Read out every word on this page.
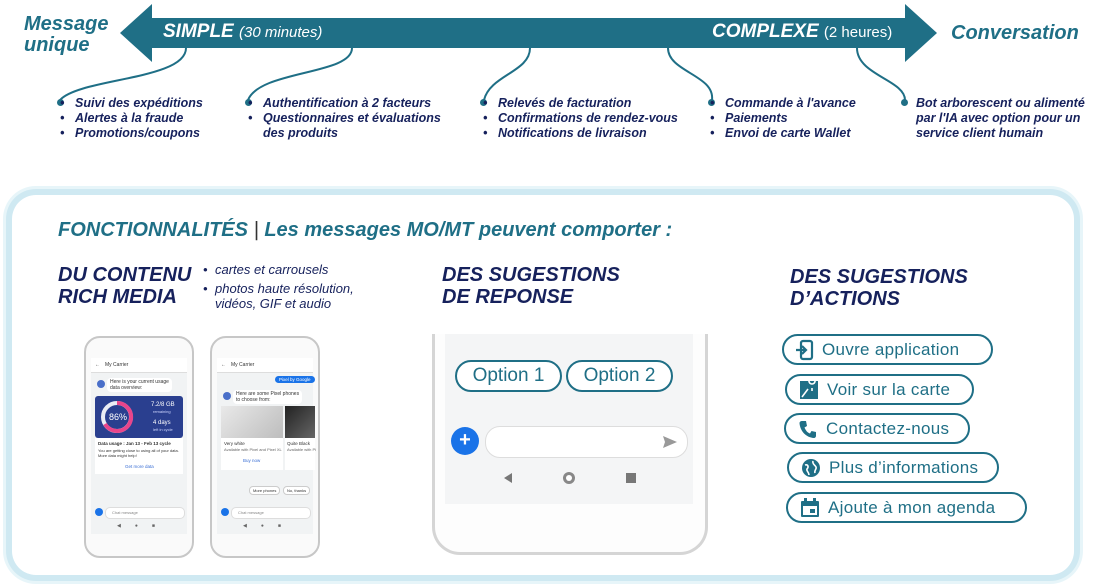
SIMPLE (30 minutes)	COMPLEXE (2 heures)
Message
unique
Conversation
• Suivi des expéditions
• Alertes à la fraude
• Promotions/coupons
• Authentification à 2 facteurs
• Questionnaires et évaluations
des produits
• Relevés de facturation
• Confirmations de rendez-vous
• Notifications de livraison
• Commande à l'avance
• Paiements
• Envoi de carte Wallet
Bot arborescent ou alimenté
par l'IA avec option pour un
service client humain
FONCTIONNALITÉS | Les messages MO/MT peuvent comporter :
DU CONTENU
RICH MEDIA
• cartes et carrousels
• photos haute résolution,
vidéos, GIF et audio
← My Carrier
Here is your current usage
data overview:
86%
7.2/8 GB
remaining
4 days
left in cycle
Data usage : Jan 13 - Feb 13 cycle
You are getting close to using all of your data.
More data might help!
Get more data
Chat message
◀●■
← My Carrier
Pixel by Google
Here are some Pixel phones
to choose from:
Very white
Available with Pixel and Pixel XL
Buy now
Quite Black
Available with Pi
More phones	No, thanks
Chat message
◀●■
DES SUGESTIONS
DE REPONSE
Option 1	Option 2
+
DES SUGESTIONS
D’ACTIONS
Ouvre application
Voir sur la carte
Contactez-nous
Plus d’informations
Ajoute à mon agenda
